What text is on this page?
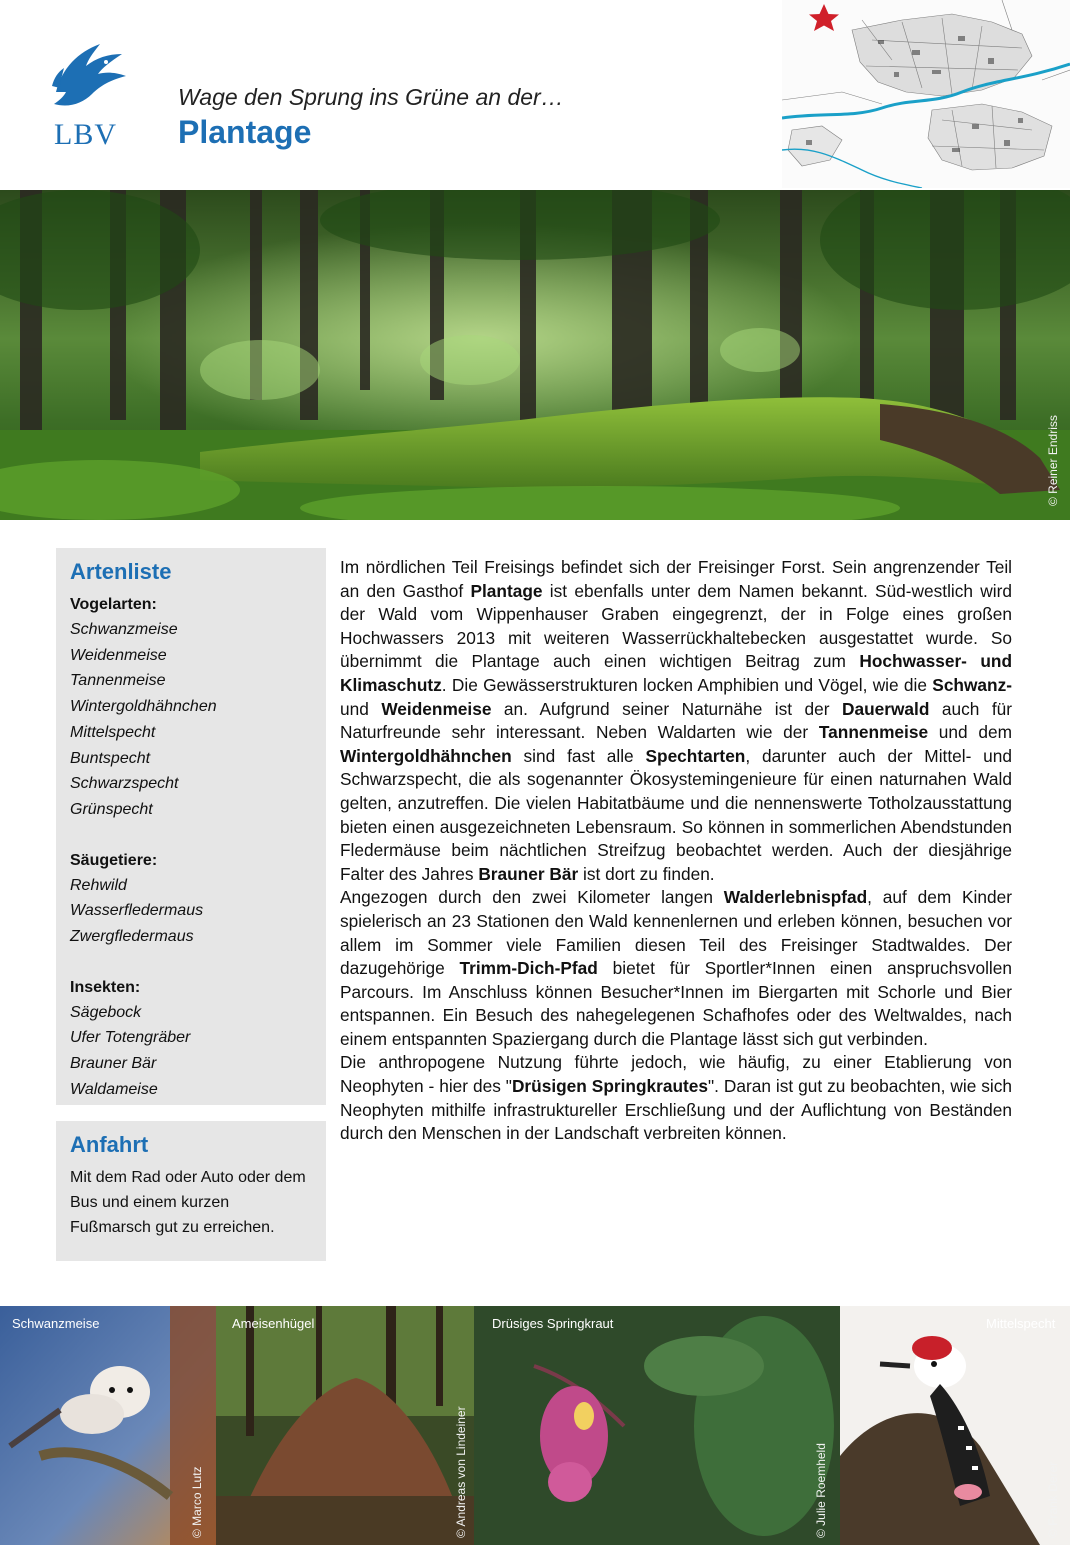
LBV
Wage den Sprung ins Grüne an der…
Plantage
© Reiner Endriss
Artenliste
Vogelarten:
Schwanzmeise
Weidenmeise
Tannenmeise
Wintergoldhähnchen
Mittelspecht
Buntspecht
Schwarzspecht
Grünspecht
Säugetiere:
Rehwild
Wasserfledermaus
Zwergfledermaus
Insekten:
Sägebock
Ufer Totengräber
Brauner Bär
Waldameise
Anfahrt
Mit dem Rad oder Auto oder dem Bus und einem kurzen Fußmarsch gut zu erreichen.

Im nördlichen Teil Freisings befindet sich der Freisinger Forst. Sein angrenzender Teil an den Gasthof Plantage ist ebenfalls unter dem Namen bekannt. Süd-westlich wird der Wald vom Wippenhauser Graben eingegrenzt, der in Folge eines großen Hochwassers 2013 mit weiteren Wasserrückhaltebecken ausgestattet wurde. So übernimmt die Plantage auch einen wichtigen Beitrag zum Hochwasser- und Klimaschutz. Die Gewässerstrukturen locken Amphibien und Vögel, wie die Schwanz- und Weidenmeise an. Aufgrund seiner Naturnähe ist der Dauerwald auch für Naturfreunde sehr interessant. Neben Waldarten wie der Tannenmeise und dem Wintergoldhähnchen sind fast alle Spechtarten, darunter auch der Mittel- und Schwarzspecht, die als sogenannter Ökosystemingenieure für einen naturnahen Wald gelten, anzutreffen. Die vielen Habitatbäume und die nennenswerte Totholzausstattung bieten einen ausgezeichneten Lebensraum. So können in sommerlichen Abendstunden Fledermäuse beim nächtlichen Streifzug beobachtet werden. Auch der diesjährige Falter des Jahres Brauner Bär ist dort zu finden.

Angezogen durch den zwei Kilometer langen Walderlebnispfad, auf dem Kinder spielerisch an 23 Stationen den Wald kennenlernen und erleben können, besuchen vor allem im Sommer viele Familien diesen Teil des Freisinger Stadtwaldes. Der dazugehörige Trimm-Dich-Pfad bietet für Sportler*Innen einen anspruchsvollen Parcours. Im Anschluss können Besucher*Innen im Biergarten mit Schorle und Bier entspannen. Ein Besuch des nahegelegenen Schafhofes oder des Weltwaldes, nach einem entspannten Spaziergang durch die Plantage lässt sich gut verbinden.

Die anthropogene Nutzung führte jedoch, wie häufig, zu einer Etablierung von Neophyten - hier des "Drüsigen Springkrautes". Daran ist gut zu beobachten, wie sich Neophyten mithilfe infrastruktureller Erschließung und der Auflichtung von Beständen durch den Menschen in der Landschaft verbreiten können.

Schwanzmeise
© Marco Lutz
Ameisenhügel
© Andreas von Lindeiner
Drüsiges Springkraut
© Julie Roemheld
Mittelspecht
© Frank Derer
